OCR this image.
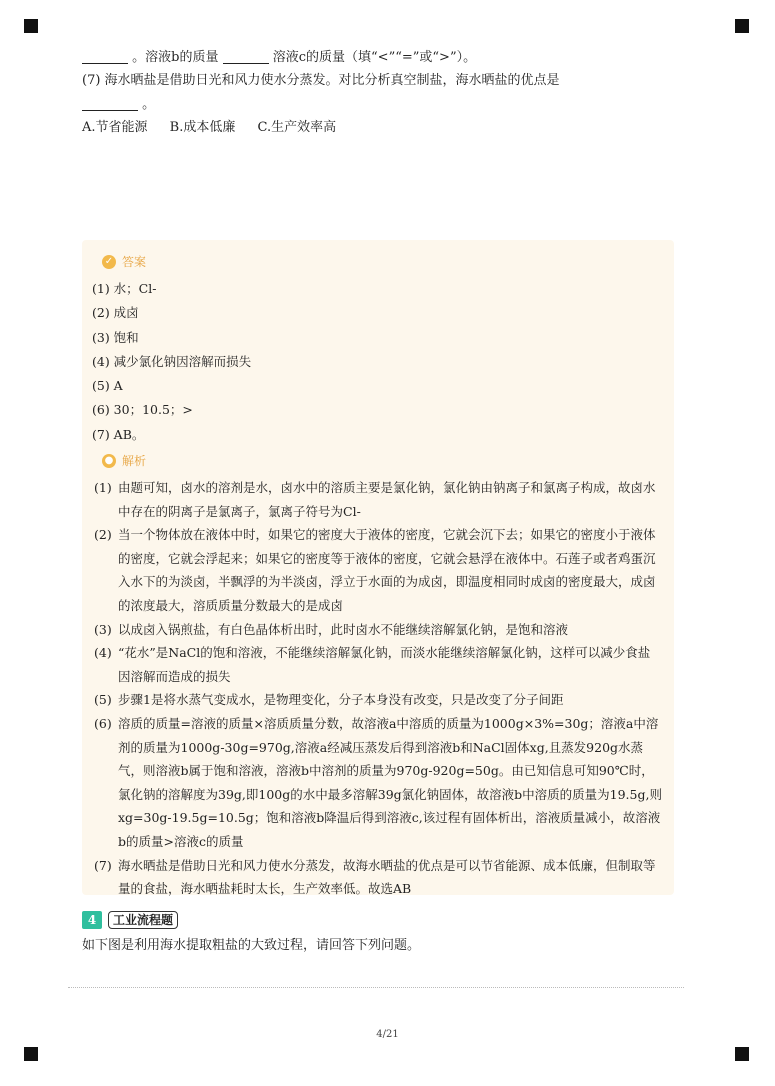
。溶液b的质量	溶液c的质量（填“<”“=”或“>”）。
(7) 海水晒盐是借助日光和风力使水分蒸发。对比分析真空制盐，海水晒盐的优点是
。
A.节省能源 B.成本低廉 C.生产效率高
✓ 答案
(1) 水；Cl-
(2) 成卤
(3) 饱和
(4) 减少氯化钠因溶解而损失
(5) A
(6) 30；10.5；>
(7) AB。
● 解析
(1) 由题可知，卤水的溶剂是水，卤水中的溶质主要是氯化钠，氯化钠由钠离子和氯离子构成，故卤水中存在的阴离子是氯离子，氯离子符号为Cl-
(2) 当一个物体放在液体中时，如果它的密度大于液体的密度，它就会沉下去；如果它的密度小于液体的密度，它就会浮起来；如果它的密度等于液体的密度，它就会悬浮在液体中。石莲子或者鸡蛋沉入水下的为淡卤，半飘浮的为半淡卤，浮立于水面的为成卤，即温度相同时成卤的密度最大，成卤的浓度最大，溶质质量分数最大的是成卤
(3) 以成卤入锅煎盐，有白色晶体析出时，此时卤水不能继续溶解氯化钠，是饱和溶液
(4) “花水”是NaCl的饱和溶液，不能继续溶解氯化钠，而淡水能继续溶解氯化钠，这样可以减少食盐因溶解而造成的损失
(5) 步骤1是将水蒸气变成水，是物理变化，分子本身没有改变，只是改变了分子间距
(6) 溶质的质量=溶液的质量×溶质质量分数，故溶液a中溶质的质量为1000g×3%=30g；溶液a中溶剂的质量为1000g-30g=970g,溶液a经减压蒸发后得到溶液b和NaCl固体xg,且蒸发920g水蒸气，则溶液b属于饱和溶液，溶液b中溶剂的质量为970g-920g=50g。由已知信息可知90℃时，氯化钠的溶解度为39g,即100g的水中最多溶解39g氯化钠固体，故溶液b中溶质的质量为19.5g,则xg=30g-19.5g=10.5g；饱和溶液b降温后得到溶液c,该过程有固体析出，溶液质量减小，故溶液b的质量>溶液c的质量
(7) 海水晒盐是借助日光和风力使水分蒸发，故海水晒盐的优点是可以节省能源、成本低廉，但制取等量的食盐，海水晒盐耗时太长，生产效率低。故选AB
4	工业流程题
如下图是利用海水提取粗盐的大致过程，请回答下列问题。
4/21
